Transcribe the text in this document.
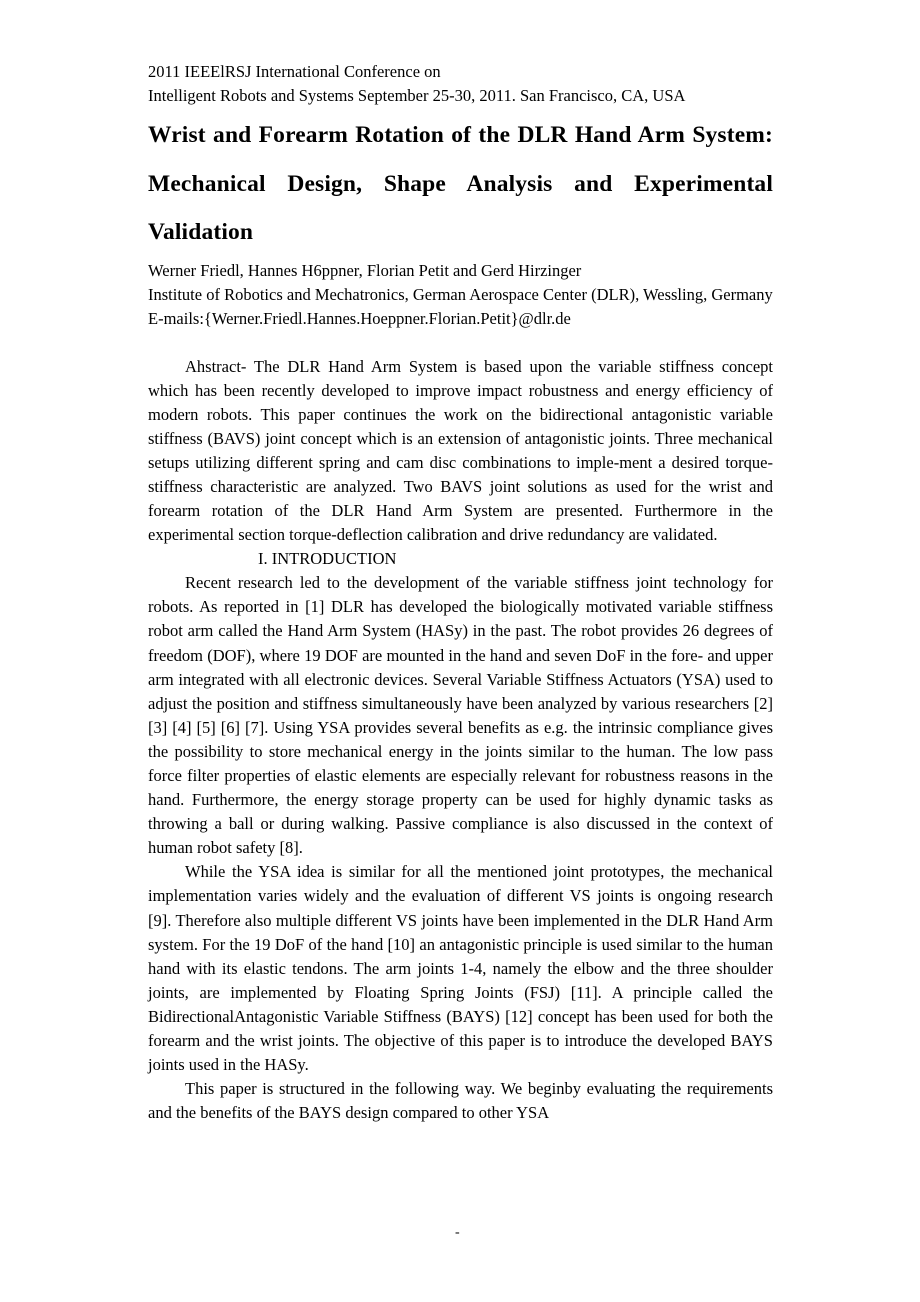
2011 IEEElRSJ International Conference on
Intelligent Robots and Systems September 25-30, 2011. San Francisco, CA, USA
Wrist and Forearm Rotation of the DLR Hand Arm System: Mechanical Design, Shape Analysis and Experimental Validation
Werner Friedl, Hannes H6ppner, Florian Petit and Gerd Hirzinger
Institute of Robotics and Mechatronics, German Aerospace Center (DLR), Wessling, Germany
E-mails:{Werner.Friedl.Hannes.Hoeppner.Florian.Petit}@dlr.de
Ahstract- The DLR Hand Arm System is based upon the variable stiffness concept which has been recently developed to improve impact robustness and energy efficiency of modern robots. This paper continues the work on the bidirectional antagonistic variable stiffness (BAVS) joint concept which is an extension of antagonistic joints. Three mechanical setups utilizing different spring and cam disc combinations to imple-ment a desired torque-stiffness characteristic are analyzed. Two BAVS joint solutions as used for the wrist and forearm rotation of the DLR Hand Arm System are presented. Furthermore in the experimental section torque-deflection calibration and drive redundancy are validated.
I. INTRODUCTION
Recent research led to the development of the variable stiffness joint technology for robots. As reported in [1] DLR has developed the biologically motivated variable stiffness robot arm called the Hand Arm System (HASy) in the past. The robot provides 26 degrees of freedom (DOF), where 19 DOF are mounted in the hand and seven DoF in the fore- and upper arm integrated with all electronic devices. Several Variable Stiffness Actuators (YSA) used to adjust the position and stiffness simultaneously have been analyzed by various researchers [2] [3] [4] [5] [6] [7]. Using YSA provides several benefits as e.g. the intrinsic compliance gives the possibility to store mechanical energy in the joints similar to the human. The low pass force filter properties of elastic elements are especially relevant for robustness reasons in the hand. Furthermore, the energy storage property can be used for highly dynamic tasks as throwing a ball or during walking. Passive compliance is also discussed in the context of human robot safety [8].
While the YSA idea is similar for all the mentioned joint prototypes, the mechanical implementation varies widely and the evaluation of different VS joints is ongoing research [9]. Therefore also multiple different VS joints have been implemented in the DLR Hand Arm system. For the 19 DoF of the hand [10] an antagonistic principle is used similar to the human hand with its elastic tendons. The arm joints 1-4, namely the elbow and the three shoulder joints, are implemented by Floating Spring Joints (FSJ) [11]. A principle called the BidirectionalAntagonistic Variable Stiffness (BAYS) [12] concept has been used for both the forearm and the wrist joints. The objective of this paper is to introduce the developed BAYS joints used in the HASy.
This paper is structured in the following way. We beginby evaluating the requirements and the benefits of the BAYS design compared to other YSA
-
